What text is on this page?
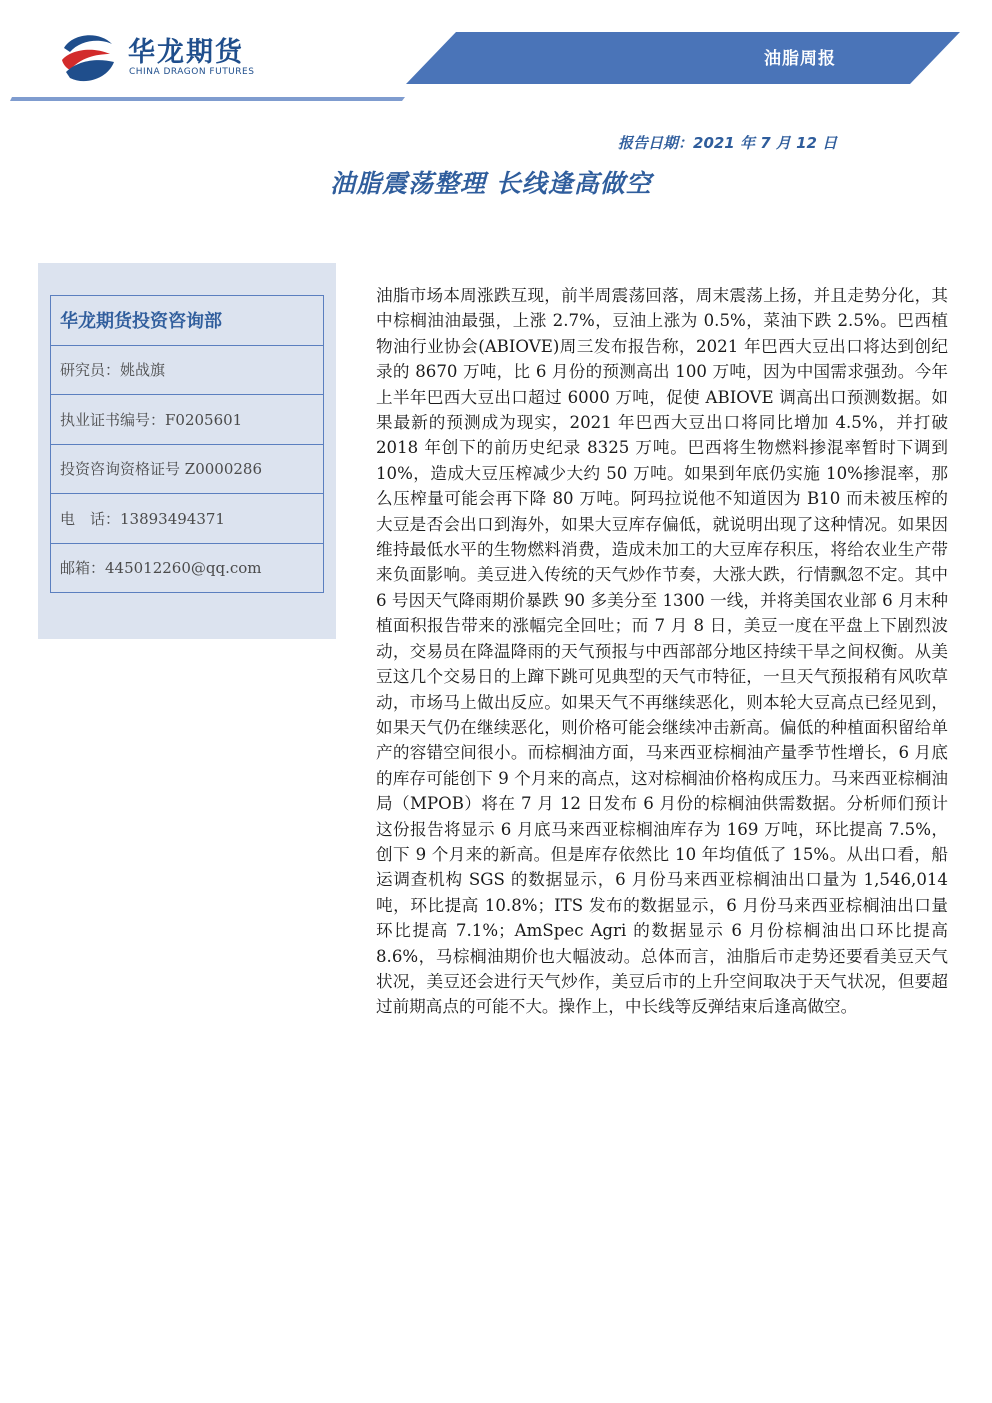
华龙期货
CHINA DRAGON FUTURES
油脂周报
报告日期：2021 年 7 月 12 日
油脂震荡整理 长线逢高做空
华龙期货投资咨询部
研究员：姚战旗
执业证书编号：F0205601
投资咨询资格证号 Z0000286
电　话：13893494371
邮箱：445012260@qq.com
油脂市场本周涨跌互现，前半周震荡回落，周末震荡上扬，并且走势分化，其中棕榈油油最强，上涨 2.7%，豆油上涨为 0.5%，菜油下跌 2.5%。巴西植物油行业协会(ABIOVE)周三发布报告称，2021 年巴西大豆出口将达到创纪录的 8670 万吨，比 6 月份的预测高出 100 万吨，因为中国需求强劲。今年上半年巴西大豆出口超过 6000 万吨，促使 ABIOVE 调高出口预测数据。如果最新的预测成为现实，2021 年巴西大豆出口将同比增加 4.5%，并打破 2018 年创下的前历史纪录 8325 万吨。巴西将生物燃料掺混率暂时下调到 10%，造成大豆压榨减少大约 50 万吨。如果到年底仍实施 10%掺混率，那么压榨量可能会再下降 80 万吨。阿玛拉说他不知道因为 B10 而未被压榨的大豆是否会出口到海外，如果大豆库存偏低，就说明出现了这种情况。如果因维持最低水平的生物燃料消费，造成未加工的大豆库存积压，将给农业生产带来负面影响。美豆进入传统的天气炒作节奏，大涨大跌，行情飘忽不定。其中 6 号因天气降雨期价暴跌 90 多美分至 1300 一线，并将美国农业部 6 月末种植面积报告带来的涨幅完全回吐；而 7 月 8 日，美豆一度在平盘上下剧烈波动，交易员在降温降雨的天气预报与中西部部分地区持续干旱之间权衡。从美豆这几个交易日的上蹿下跳可见典型的天气市特征，一旦天气预报稍有风吹草动，市场马上做出反应。如果天气不再继续恶化，则本轮大豆高点已经见到，如果天气仍在继续恶化，则价格可能会继续冲击新高。偏低的种植面积留给单产的容错空间很小。而棕榈油方面，马来西亚棕榈油产量季节性增长，6 月底的库存可能创下 9 个月来的高点，这对棕榈油价格构成压力。马来西亚棕榈油局（MPOB）将在 7 月 12 日发布 6 月份的棕榈油供需数据。分析师们预计这份报告将显示 6 月底马来西亚棕榈油库存为 169 万吨，环比提高 7.5%，创下 9 个月来的新高。但是库存依然比 10 年均值低了 15%。从出口看，船运调查机构 SGS 的数据显示，6 月份马来西亚棕榈油出口量为 1,546,014 吨，环比提高 10.8%；ITS 发布的数据显示，6 月份马来西亚棕榈油出口量环比提高 7.1%；AmSpec Agri 的数据显示 6 月份棕榈油出口环比提高 8.6%，马棕榈油期价也大幅波动。总体而言，油脂后市走势还要看美豆天气状况，美豆还会进行天气炒作，美豆后市的上升空间取决于天气状况，但要超过前期高点的可能不大。操作上，中长线等反弹结束后逢高做空。
